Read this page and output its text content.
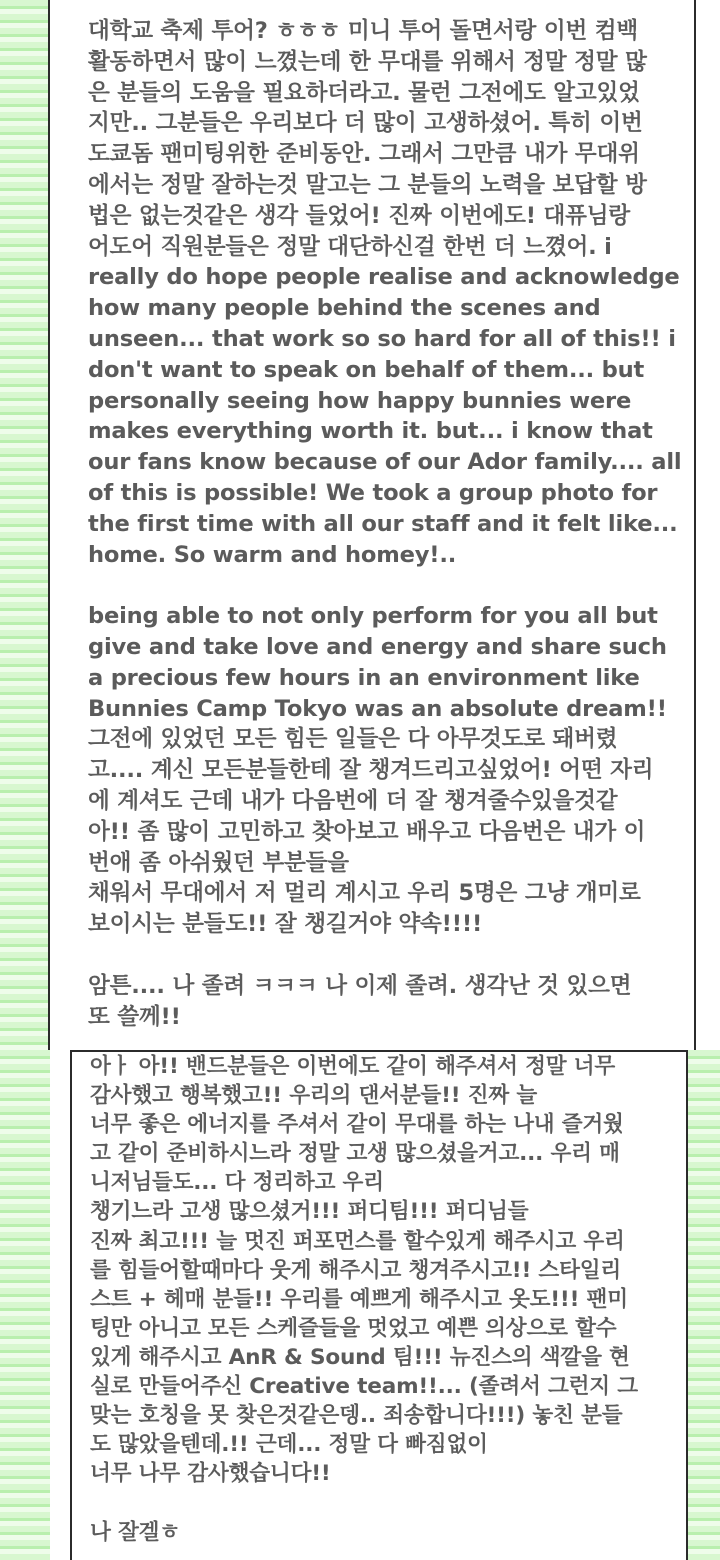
대학교 축제 투어? ㅎㅎㅎ 미니 투어 돌면서랑 이번 컴백
활동하면서 많이 느꼈는데 한 무대를 위해서 정말 정말 많
은 분들의 도움을 필요하더라고. 물런 그전에도 알고있었
지만.. 그분들은 우리보다 더 많이 고생하셨어. 특히 이번
도쿄돔 팬미팅위한 준비동안. 그래서 그만큼 내가 무대위
에서는 정말 잘하는것 말고는 그 분들의 노력을 보답할 방
법은 없는것같은 생각 들었어! 진짜 이번에도! 대퓨님랑
어도어 직원분들은 정말 대단하신걸 한번 더 느꼈어. i
really do hope people realise and acknowledge
how many people behind the scenes and
unseen... that work so so hard for all of this!! i
don't want to speak on behalf of them... but
personally seeing how happy bunnies were
makes everything worth it. but... i know that
our fans know because of our Ador family.... all
of this is possible! We took a group photo for
the first time with all our staff and it felt like...
home. So warm and homey!..

being able to not only perform for you all but
give and take love and energy and share such
a precious few hours in an environment like
Bunnies Camp Tokyo was an absolute dream!!
그전에 있었던 모든 힘든 일들은 다 아무것도로 돼버렸
고.... 계신 모든분들한테 잘 챙겨드리고싶었어! 어떤 자리
에 계셔도 근데 내가 다음번에 더 잘 챙겨줄수있을것같
아!! 좀 많이 고민하고 찾아보고 배우고 다음번은 내가 이
번애 좀 아쉬웠던 부분들을
채워서 무대에서 저 멀리 계시고 우리 5명은 그냥 개미로
보이시는 분들도!! 잘 챙길거야 약속!!!!

암튼.... 나 졸려 ㅋㅋㅋ 나 이제 졸려. 생각난 것 있으면
또 쓸께!!
아ㅏ 아!! 밴드분들은 이번에도 같이 해주셔서 정말 너무
감사했고 행복했고!! 우리의 댄서분들!! 진짜 늘
너무 좋은 에너지를 주셔서 같이 무대를 하는 나내 즐거웠
고 같이 준비하시느라 정말 고생 많으셨을거고... 우리 매
니저님들도... 다 정리하고 우리
챙기느라 고생 많으셨거!!! 퍼디팀!!! 퍼디님들
진짜 최고!!! 늘 멋진 퍼포먼스를 할수있게 해주시고 우리
를 힘들어할때마다 웃게 해주시고 챙겨주시고!! 스타일리
스트 + 헤매 분들!! 우리를 예쁘게 해주시고 옷도!!! 팬미
팅만 아니고 모든 스케즐들을 멋었고 예쁜 의상으로 할수
있게 해주시고 AnR & Sound 팀!!! 뉴진스의 색깔을 현
실로 만들어주신 Creative team!!... (졸려서 그런지 그
맞는 호칭을 못 찾은것같은뎅.. 죄송합니다!!!) 놓친 분들
도 많았을텐데.!! 근데... 정말 다 빠짐없이
너무 나무 감사했습니다!!

나 잘겔ㅎ
